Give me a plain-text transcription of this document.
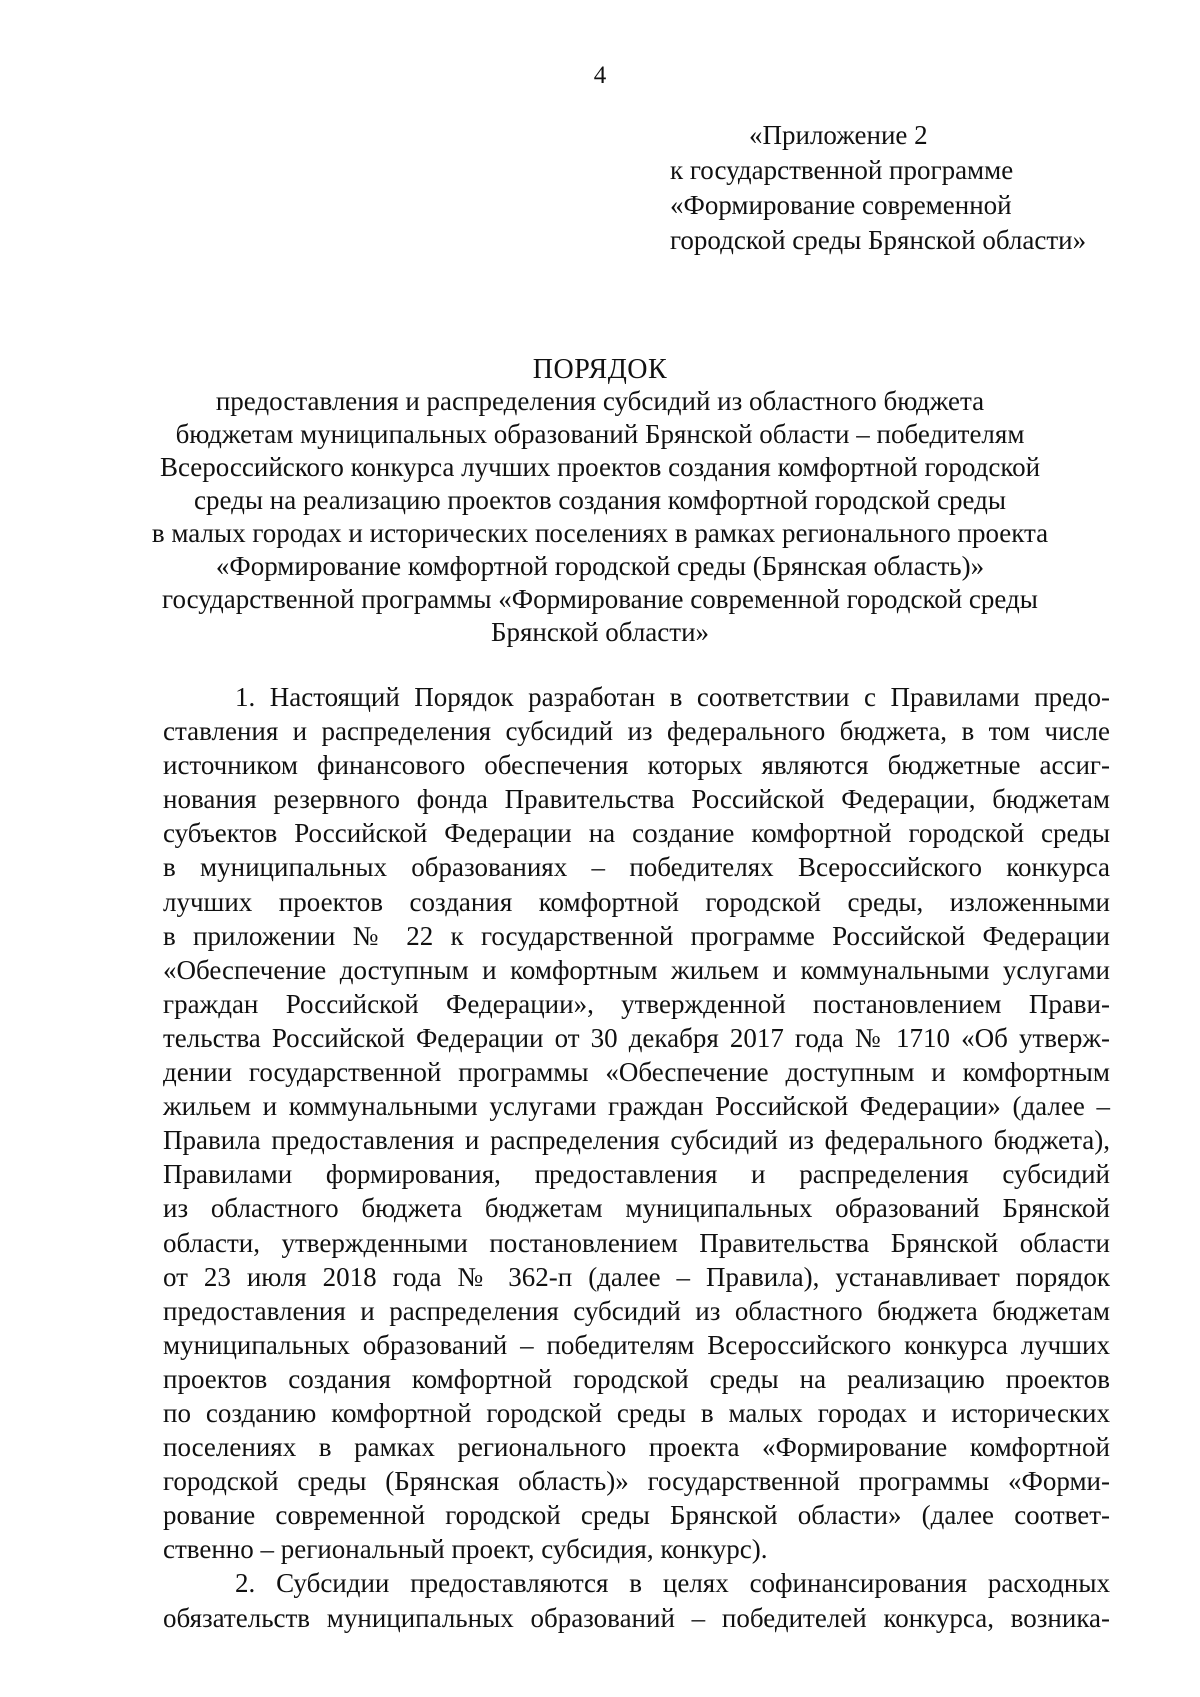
4
«Приложение 2
к государственной программе
«Формирование современной
городской среды Брянской области»
ПОРЯДОК
предоставления и распределения субсидий из областного бюджета
бюджетам муниципальных образований Брянской области – победителям
Всероссийского конкурса лучших проектов создания комфортной городской
среды на реализацию проектов создания комфортной городской среды
в малых городах и исторических поселениях в рамках регионального проекта
«Формирование комфортной городской среды (Брянская область)»
государственной программы «Формирование современной городской среды
Брянской области»
1. Настоящий Порядок разработан в соответствии с Правилами предо-
ставления и распределения субсидий из федерального бюджета, в том числе
источником финансового обеспечения которых являются бюджетные ассиг-
нования резервного фонда Правительства Российской Федерации, бюджетам
субъектов Российской Федерации на создание комфортной городской среды
в муниципальных образованиях – победителях Всероссийского конкурса
лучших проектов создания комфортной городской среды, изложенными
в приложении № 22 к государственной программе Российской Федерации
«Обеспечение доступным и комфортным жильем и коммунальными услугами
граждан Российской Федерации», утвержденной постановлением Прави-
тельства Российской Федерации от 30 декабря 2017 года № 1710 «Об утверж-
дении государственной программы «Обеспечение доступным и комфортным
жильем и коммунальными услугами граждан Российской Федерации» (далее –
Правила предоставления и распределения субсидий из федерального бюджета),
Правилами формирования, предоставления и распределения субсидий
из областного бюджета бюджетам муниципальных образований Брянской
области, утвержденными постановлением Правительства Брянской области
от 23 июля 2018 года № 362-п (далее – Правила), устанавливает порядок
предоставления и распределения субсидий из областного бюджета бюджетам
муниципальных образований – победителям Всероссийского конкурса лучших
проектов создания комфортной городской среды на реализацию проектов
по созданию комфортной городской среды в малых городах и исторических
поселениях в рамках регионального проекта «Формирование комфортной
городской среды (Брянская область)» государственной программы «Форми-
рование современной городской среды Брянской области» (далее соответ-
ственно – региональный проект, субсидия, конкурс).
2. Субсидии предоставляются в целях софинансирования расходных
обязательств муниципальных образований – победителей конкурса, возника-
